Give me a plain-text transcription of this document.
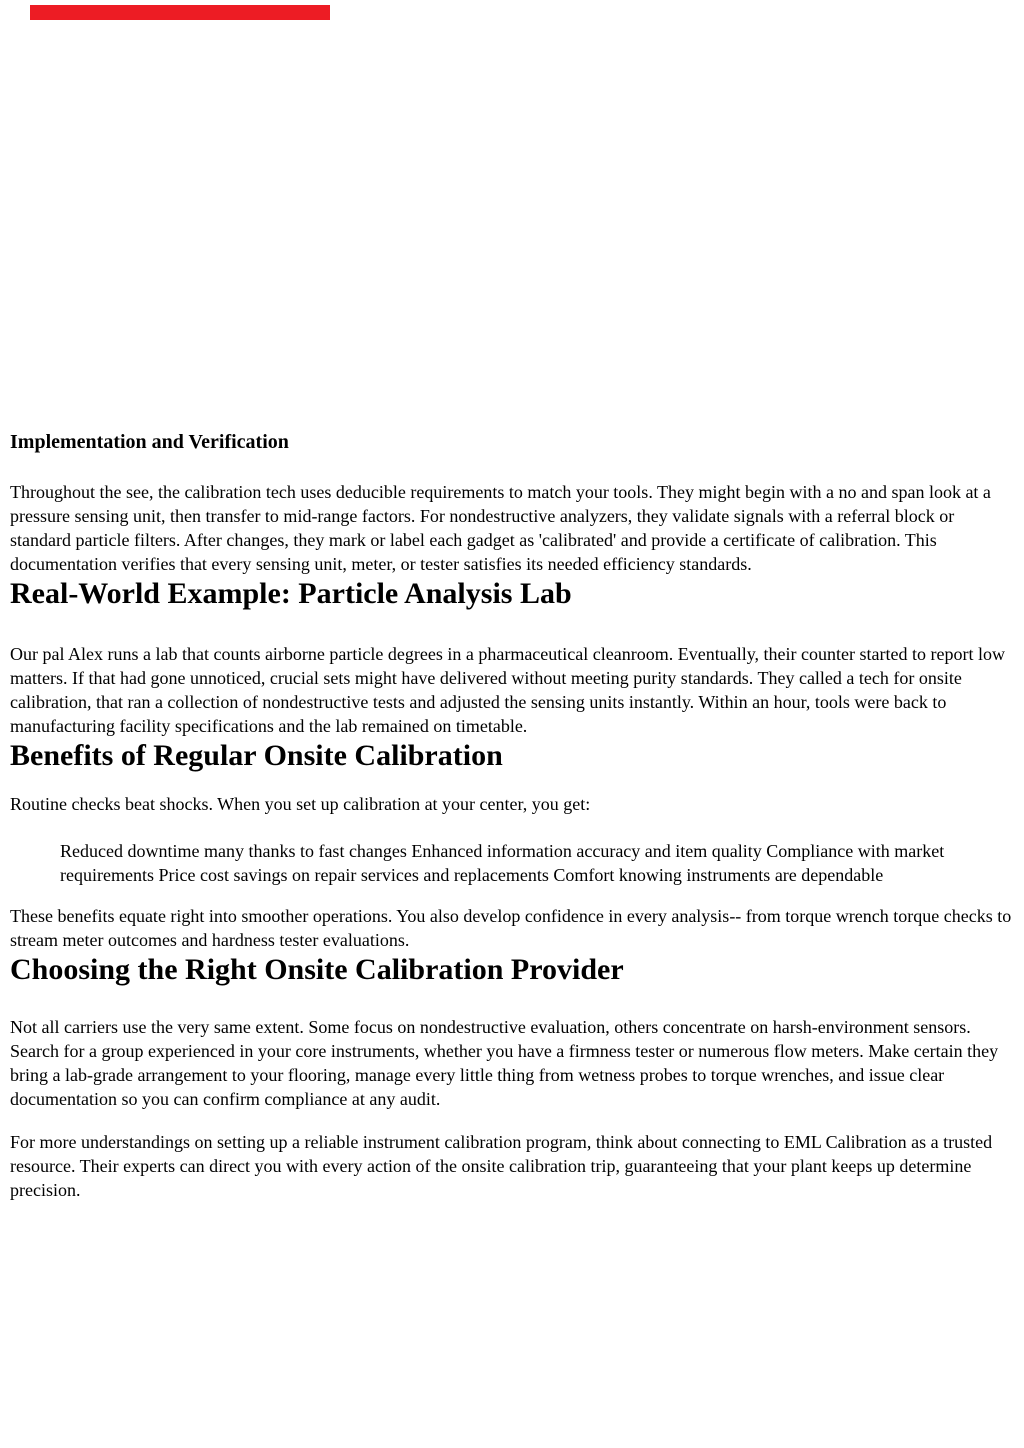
Implementation and Verification

Throughout the see, the calibration tech uses deducible requirements to match your tools. They might begin with a no and span look at a pressure sensing unit, then transfer to mid-range factors. For nondestructive analyzers, they validate signals with a referral block or standard particle filters. After changes, they mark or label each gadget as 'calibrated' and provide a certificate of calibration. This documentation verifies that every sensing unit, meter, or tester satisfies its needed efficiency standards.

Real-World Example: Particle Analysis Lab

Our pal Alex runs a lab that counts airborne particle degrees in a pharmaceutical cleanroom. Eventually, their counter started to report low matters. If that had gone unnoticed, crucial sets might have delivered without meeting purity standards. They called a tech for onsite calibration, that ran a collection of nondestructive tests and adjusted the sensing units instantly. Within an hour, tools were back to manufacturing facility specifications and the lab remained on timetable.

Benefits of Regular Onsite Calibration

Routine checks beat shocks. When you set up calibration at your center, you get:

Reduced downtime many thanks to fast changes Enhanced information accuracy and item quality Compliance with market requirements Price cost savings on repair services and replacements Comfort knowing instruments are dependable

These benefits equate right into smoother operations. You also develop confidence in every analysis-- from torque wrench torque checks to stream meter outcomes and hardness tester evaluations.

Choosing the Right Onsite Calibration Provider

Not all carriers use the very same extent. Some focus on nondestructive evaluation, others concentrate on harsh-environment sensors. Search for a group experienced in your core instruments, whether you have a firmness tester or numerous flow meters. Make certain they bring a lab-grade arrangement to your flooring, manage every little thing from wetness probes to torque wrenches, and issue clear documentation so you can confirm compliance at any audit.

For more understandings on setting up a reliable instrument calibration program, think about connecting to EML Calibration as a trusted resource. Their experts can direct you with every action of the onsite calibration trip, guaranteeing that your plant keeps up determine precision.
